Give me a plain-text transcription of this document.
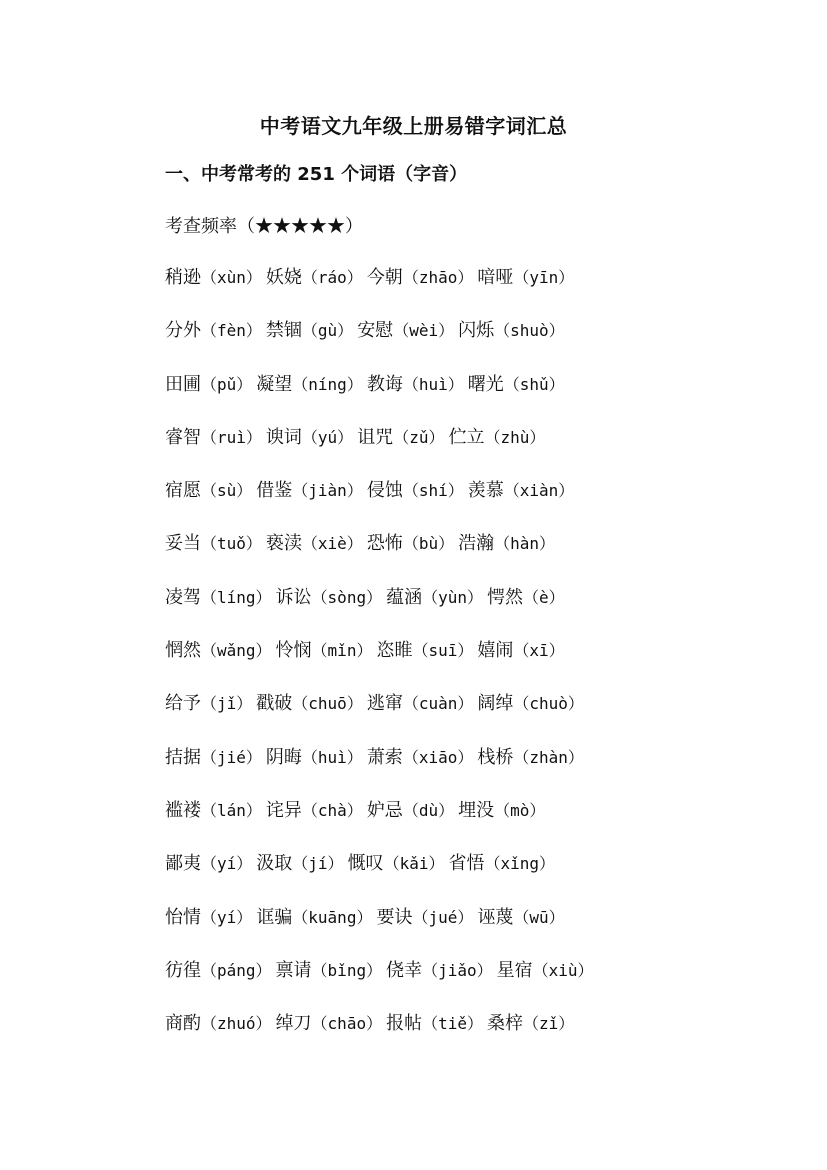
中考语文九年级上册易错字词汇总
一、中考常考的 251 个词语（字音）
考查频率（★★★★★）
稍逊（xùn） 妖娆（ráo） 今朝（zhāo） 喑哑（yīn）
分外（fèn） 禁锢（gù） 安慰（wèi） 闪烁（shuò）
田圃（pǔ） 凝望（níng） 教诲（huì） 曙光（shǔ）
睿智（ruì） 谀词（yú） 诅咒（zǔ） 伫立（zhù）
宿愿（sù） 借鉴（jiàn） 侵蚀（shí） 羡慕（xiàn）
妥当（tuǒ） 亵渎（xiè） 恐怖（bù） 浩瀚（hàn）
凌驾（líng） 诉讼（sòng） 蕴涵（yùn） 愕然（è）
惘然（wǎng） 怜悯（mǐn） 恣睢（suī） 嬉闹（xī）
给予（jǐ） 戳破（chuō） 逃窜（cuàn） 阔绰（chuò）
拮据（jié） 阴晦（huì） 萧索（xiāo） 栈桥（zhàn）
褴褛（lán） 诧异（chà） 妒忌（dù） 埋没（mò）
鄙夷（yí） 汲取（jí） 慨叹（kǎi） 省悟（xǐng）
怡情（yí） 诓骗（kuāng） 要诀（jué） 诬蔑（wū）
彷徨（páng） 禀请（bǐng） 侥幸（jiǎo） 星宿（xiù）
商酌（zhuó） 绰刀（chāo） 报帖（tiě） 桑梓（zǐ）
